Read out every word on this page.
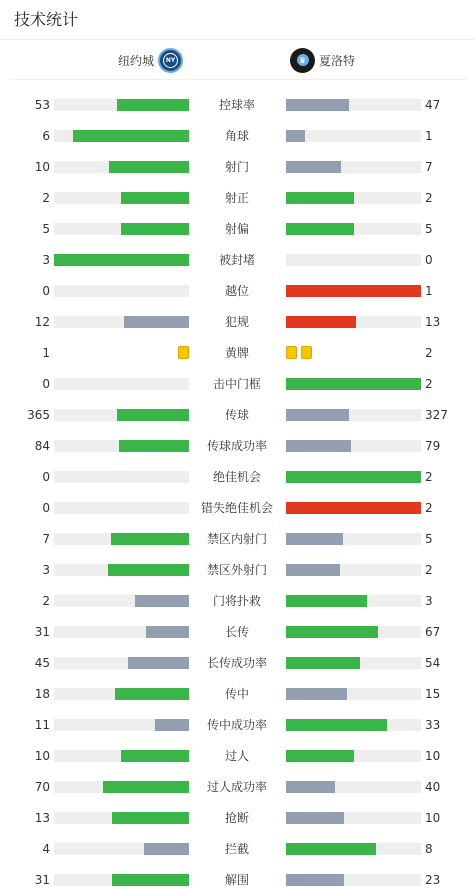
技术统计
纽约城	NY	♛ 夏洛特
53	控球率	47
6	角球	1
10	射门	7
2	射正	2
5	射偏	5
3	被封堵	0
0	越位	1
12	犯规	13
1	黄牌	2
0	击中门框	2
365	传球	327
84	传球成功率	79
0	绝佳机会	2
0	错失绝佳机会	2
7	禁区内射门	5
3	禁区外射门	2
2	门将扑救	3
31	长传	67
45	长传成功率	54
18	传中	15
11	传中成功率	33
10	过人	10
70	过人成功率	40
13	抢断	10
4	拦截	8
31	解围	23
